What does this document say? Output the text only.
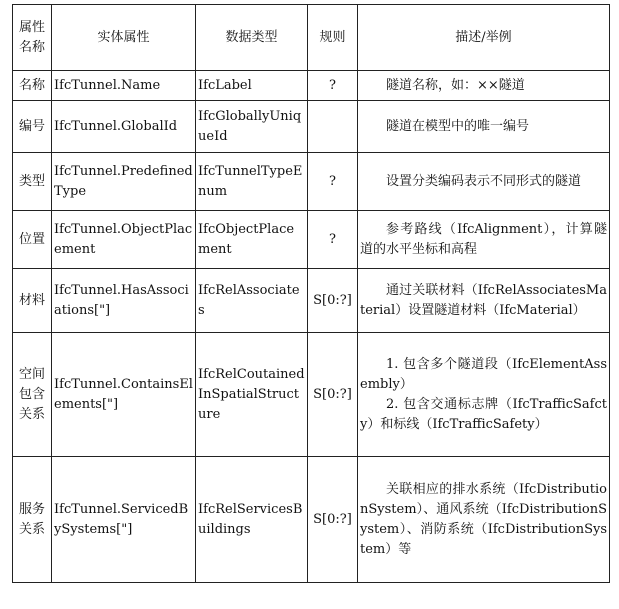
属性名称	实体属性	数据类型	规则	描述/举例
名称	IfcTunnel.Name	IfcLabel	?	隧道名称，如：××隧道

编号	IfcTunnel.GlobalId	IfcGloballyUniqueId		隧道在模型中的唯一编号

类型	IfcTunnel.PredefinedType	IfcTunnelTypeEnum	?	设置分类编码表示不同形式的隧道

位置	IfcTunnel.ObjectPlacement	IfcObjectPlacement	?	参考路线（IfcAlignment），计算隧道的水平坐标和高程

材料	IfcTunnel.HasAssociations["]	IfcRelAssociates	S[0:?]	通过关联材料（IfcRelAssociatesMaterial）设置隧道材料（IfcMaterial）

空间包含关系	IfcTunnel.ContainsElements["]	IfcRelCoutainedInSpatialStructure	S[0:?]	1. 包含多个隧道段（IfcElementAssembly）
2. 包含交通标志牌（IfcTrafficSafcty）和标线（IfcTrafficSafety）

服务关系	IfcTunnel.ServicedBySystems["]	IfcRelServicesBuildings	S[0:?]	关联相应的排水系统（IfcDistributionSystem）、通风系统（IfcDistributionSystem）、消防系统（IfcDistributionSystem）等
